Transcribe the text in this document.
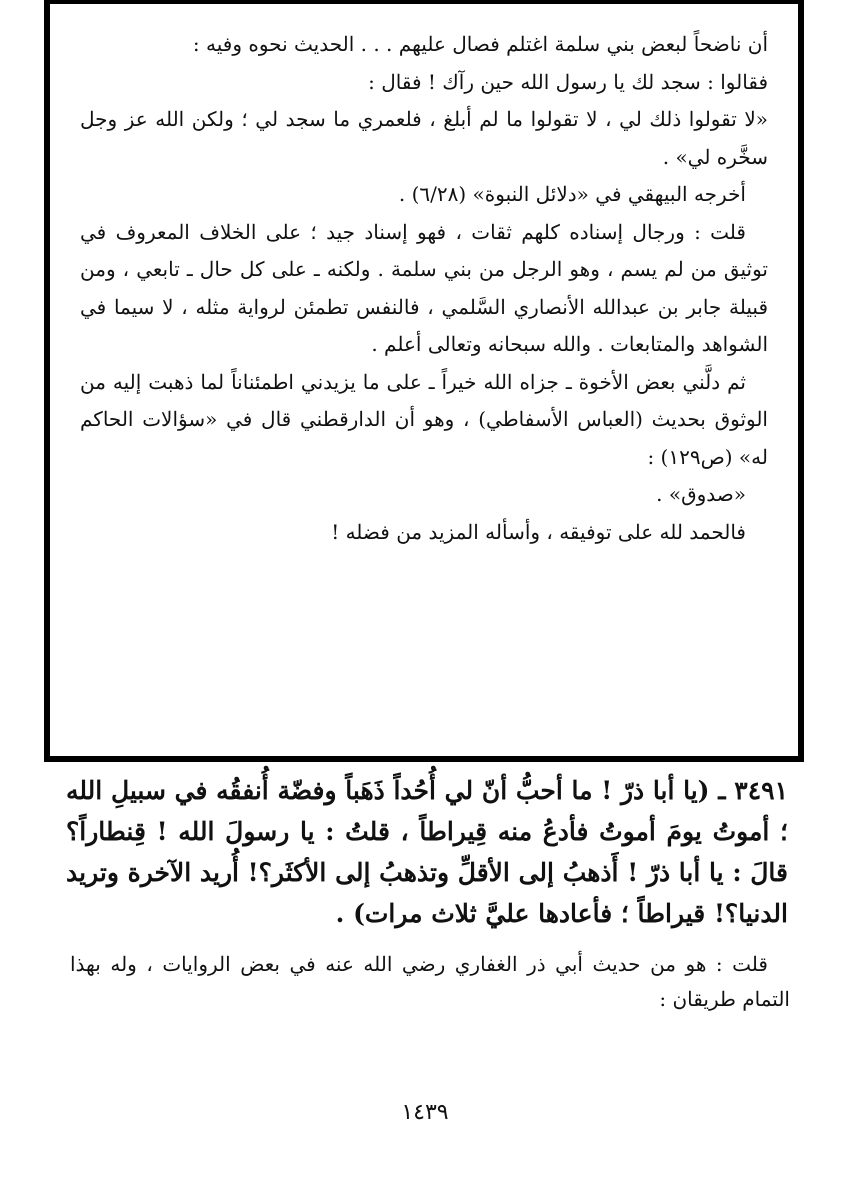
أن ناضحاً لبعض بني سلمة اغتلم فصال عليهم . . . الحديث نحوه وفيه :

فقالوا : سجد لك يا رسول الله حين رآك ! فقال :

«لا تقولوا ذلك لي ، لا تقولوا ما لم أبلغ ، فلعمري ما سجد لي ؛ ولكن الله عز وجل سخَّره لي» .

أخرجه البيهقي في «دلائل النبوة» (٦/٢٨) .

قلت : ورجال إسناده كلهم ثقات ، فهو إسناد جيد ؛ على الخلاف المعروف في توثيق من لم يسم ، وهو الرجل من بني سلمة . ولكنه ـ على كل حال ـ تابعي ، ومن قبيلة جابر بن عبدالله الأنصاري السَّلمي ، فالنفس تطمئن لرواية مثله ، لا سيما في الشواهد والمتابعات . والله سبحانه وتعالى أعلم .

ثم دلَّني بعض الأخوة ـ جزاه الله خيراً ـ على ما يزيدني اطمئناناً لما ذهبت إليه من الوثوق بحديث (العباس الأسفاطي) ، وهو أن الدارقطني قال في «سؤالات الحاكم له» (ص١٢٩) :

«صدوق» .

فالحمد لله على توفيقه ، وأسأله المزيد من فضله !

٣٤٩١ ـ (يا أبا ذرّ ! ما أحبُّ أنّ لي أُحُداً ذَهَباً وفضّة أُنفقُه في سبيلِ الله ؛ أموتُ يومَ أموتُ فأدعُ منه قِيراطاً ، قلتُ : يا رسولَ الله ! قِنطاراً؟ قالَ : يا أبا ذرّ ! أَذهبُ إلى الأقلِّ وتذهبُ إلى الأكثَر؟! أُريد الآخرة وتريد الدنيا؟! قيراطاً ؛ فأعادها عليَّ ثلاث مرات) .

قلت : هو من حديث أبي ذر الغفاري رضي الله عنه في بعض الروايات ، وله بهذا التمام طريقان :

١٤٣٩
